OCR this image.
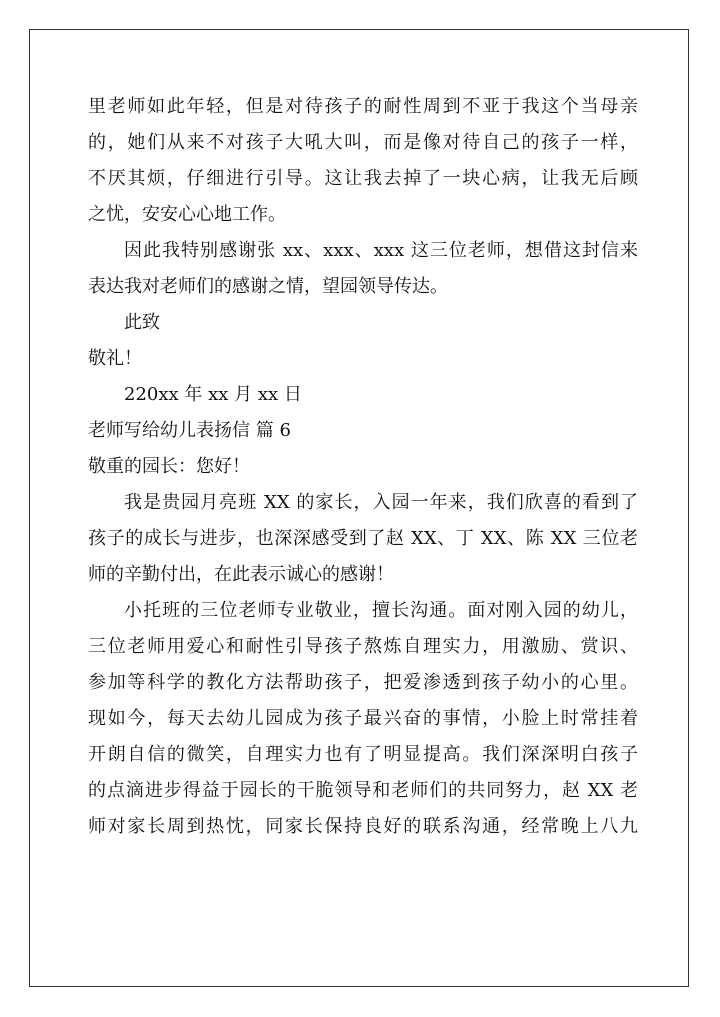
里老师如此年轻，但是对待孩子的耐性周到不亚于我这个当母亲
的，她们从来不对孩子大吼大叫，而是像对待自己的孩子一样，
不厌其烦，仔细进行引导。这让我去掉了一块心病，让我无后顾
之忧，安安心心地工作。
因此我特别感谢张 xx、xxx、xxx 这三位老师，想借这封信来
表达我对老师们的感谢之情，望园领导传达。
此致
敬礼！
220xx 年 xx 月 xx 日
老师写给幼儿表扬信 篇 6
敬重的园长：您好！
我是贵园月亮班 XX 的家长，入园一年来，我们欣喜的看到了
孩子的成长与进步，也深深感受到了赵 XX、丁 XX、陈 XX 三位老
师的辛勤付出，在此表示诚心的感谢！
小托班的三位老师专业敬业，擅长沟通。面对刚入园的幼儿，
三位老师用爱心和耐性引导孩子熬炼自理实力，用激励、赏识、
参加等科学的教化方法帮助孩子，把爱渗透到孩子幼小的心里。
现如今，每天去幼儿园成为孩子最兴奋的事情，小脸上时常挂着
开朗自信的微笑，自理实力也有了明显提高。我们深深明白孩子
的点滴进步得益于园长的干脆领导和老师们的共同努力，赵 XX 老
师对家长周到热忱，同家长保持良好的联系沟通，经常晚上八九
